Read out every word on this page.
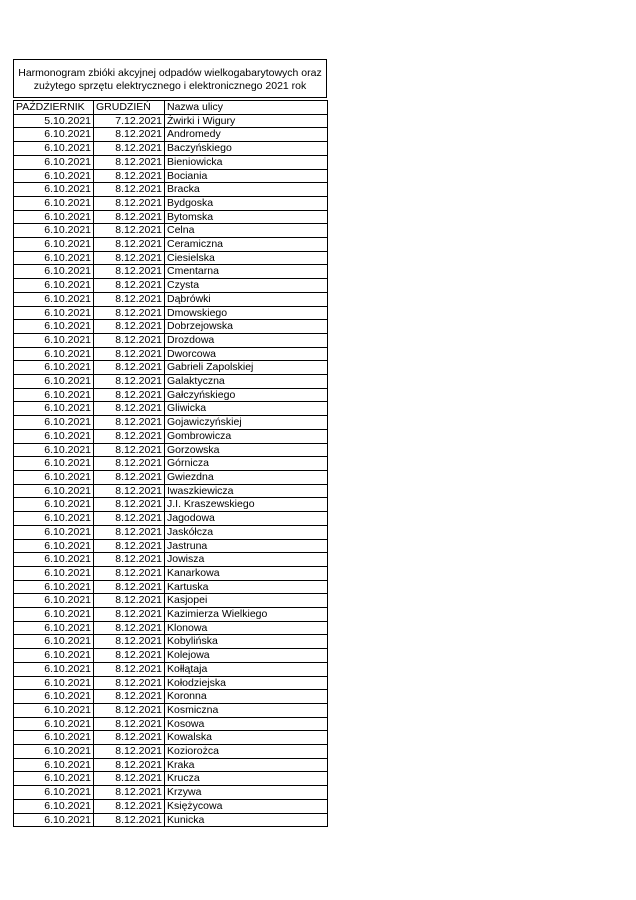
Harmonogram zbióki akcyjnej odpadów wielkogabarytowych oraz
zużytego sprzętu elektrycznego i elektronicznego 2021 rok
PAŹDZIERNIK	GRUDZIEŃ	Nazwa ulicy
5.10.2021	7.12.2021	Żwirki i Wigury
6.10.2021	8.12.2021	Andromedy
6.10.2021	8.12.2021	Baczyńskiego
6.10.2021	8.12.2021	Bieniowicka
6.10.2021	8.12.2021	Bociania
6.10.2021	8.12.2021	Bracka
6.10.2021	8.12.2021	Bydgoska
6.10.2021	8.12.2021	Bytomska
6.10.2021	8.12.2021	Celna
6.10.2021	8.12.2021	Ceramiczna
6.10.2021	8.12.2021	Ciesielska
6.10.2021	8.12.2021	Cmentarna
6.10.2021	8.12.2021	Czysta
6.10.2021	8.12.2021	Dąbrówki
6.10.2021	8.12.2021	Dmowskiego
6.10.2021	8.12.2021	Dobrzejowska
6.10.2021	8.12.2021	Drozdowa
6.10.2021	8.12.2021	Dworcowa
6.10.2021	8.12.2021	Gabrieli Zapolskiej
6.10.2021	8.12.2021	Galaktyczna
6.10.2021	8.12.2021	Gałczyńskiego
6.10.2021	8.12.2021	Gliwicka
6.10.2021	8.12.2021	Gojawiczyńskiej
6.10.2021	8.12.2021	Gombrowicza
6.10.2021	8.12.2021	Gorzowska
6.10.2021	8.12.2021	Górnicza
6.10.2021	8.12.2021	Gwiezdna
6.10.2021	8.12.2021	Iwaszkiewicza
6.10.2021	8.12.2021	J.I. Kraszewskiego
6.10.2021	8.12.2021	Jagodowa
6.10.2021	8.12.2021	Jaskółcza
6.10.2021	8.12.2021	Jastruna
6.10.2021	8.12.2021	Jowisza
6.10.2021	8.12.2021	Kanarkowa
6.10.2021	8.12.2021	Kartuska
6.10.2021	8.12.2021	Kasjopei
6.10.2021	8.12.2021	Kazimierza Wielkiego
6.10.2021	8.12.2021	Klonowa
6.10.2021	8.12.2021	Kobylińska
6.10.2021	8.12.2021	Kolejowa
6.10.2021	8.12.2021	Kołłątaja
6.10.2021	8.12.2021	Kołodziejska
6.10.2021	8.12.2021	Koronna
6.10.2021	8.12.2021	Kosmiczna
6.10.2021	8.12.2021	Kosowa
6.10.2021	8.12.2021	Kowalska
6.10.2021	8.12.2021	Koziorożca
6.10.2021	8.12.2021	Kraka
6.10.2021	8.12.2021	Krucza
6.10.2021	8.12.2021	Krzywa
6.10.2021	8.12.2021	Księżycowa
6.10.2021	8.12.2021	Kunicka
